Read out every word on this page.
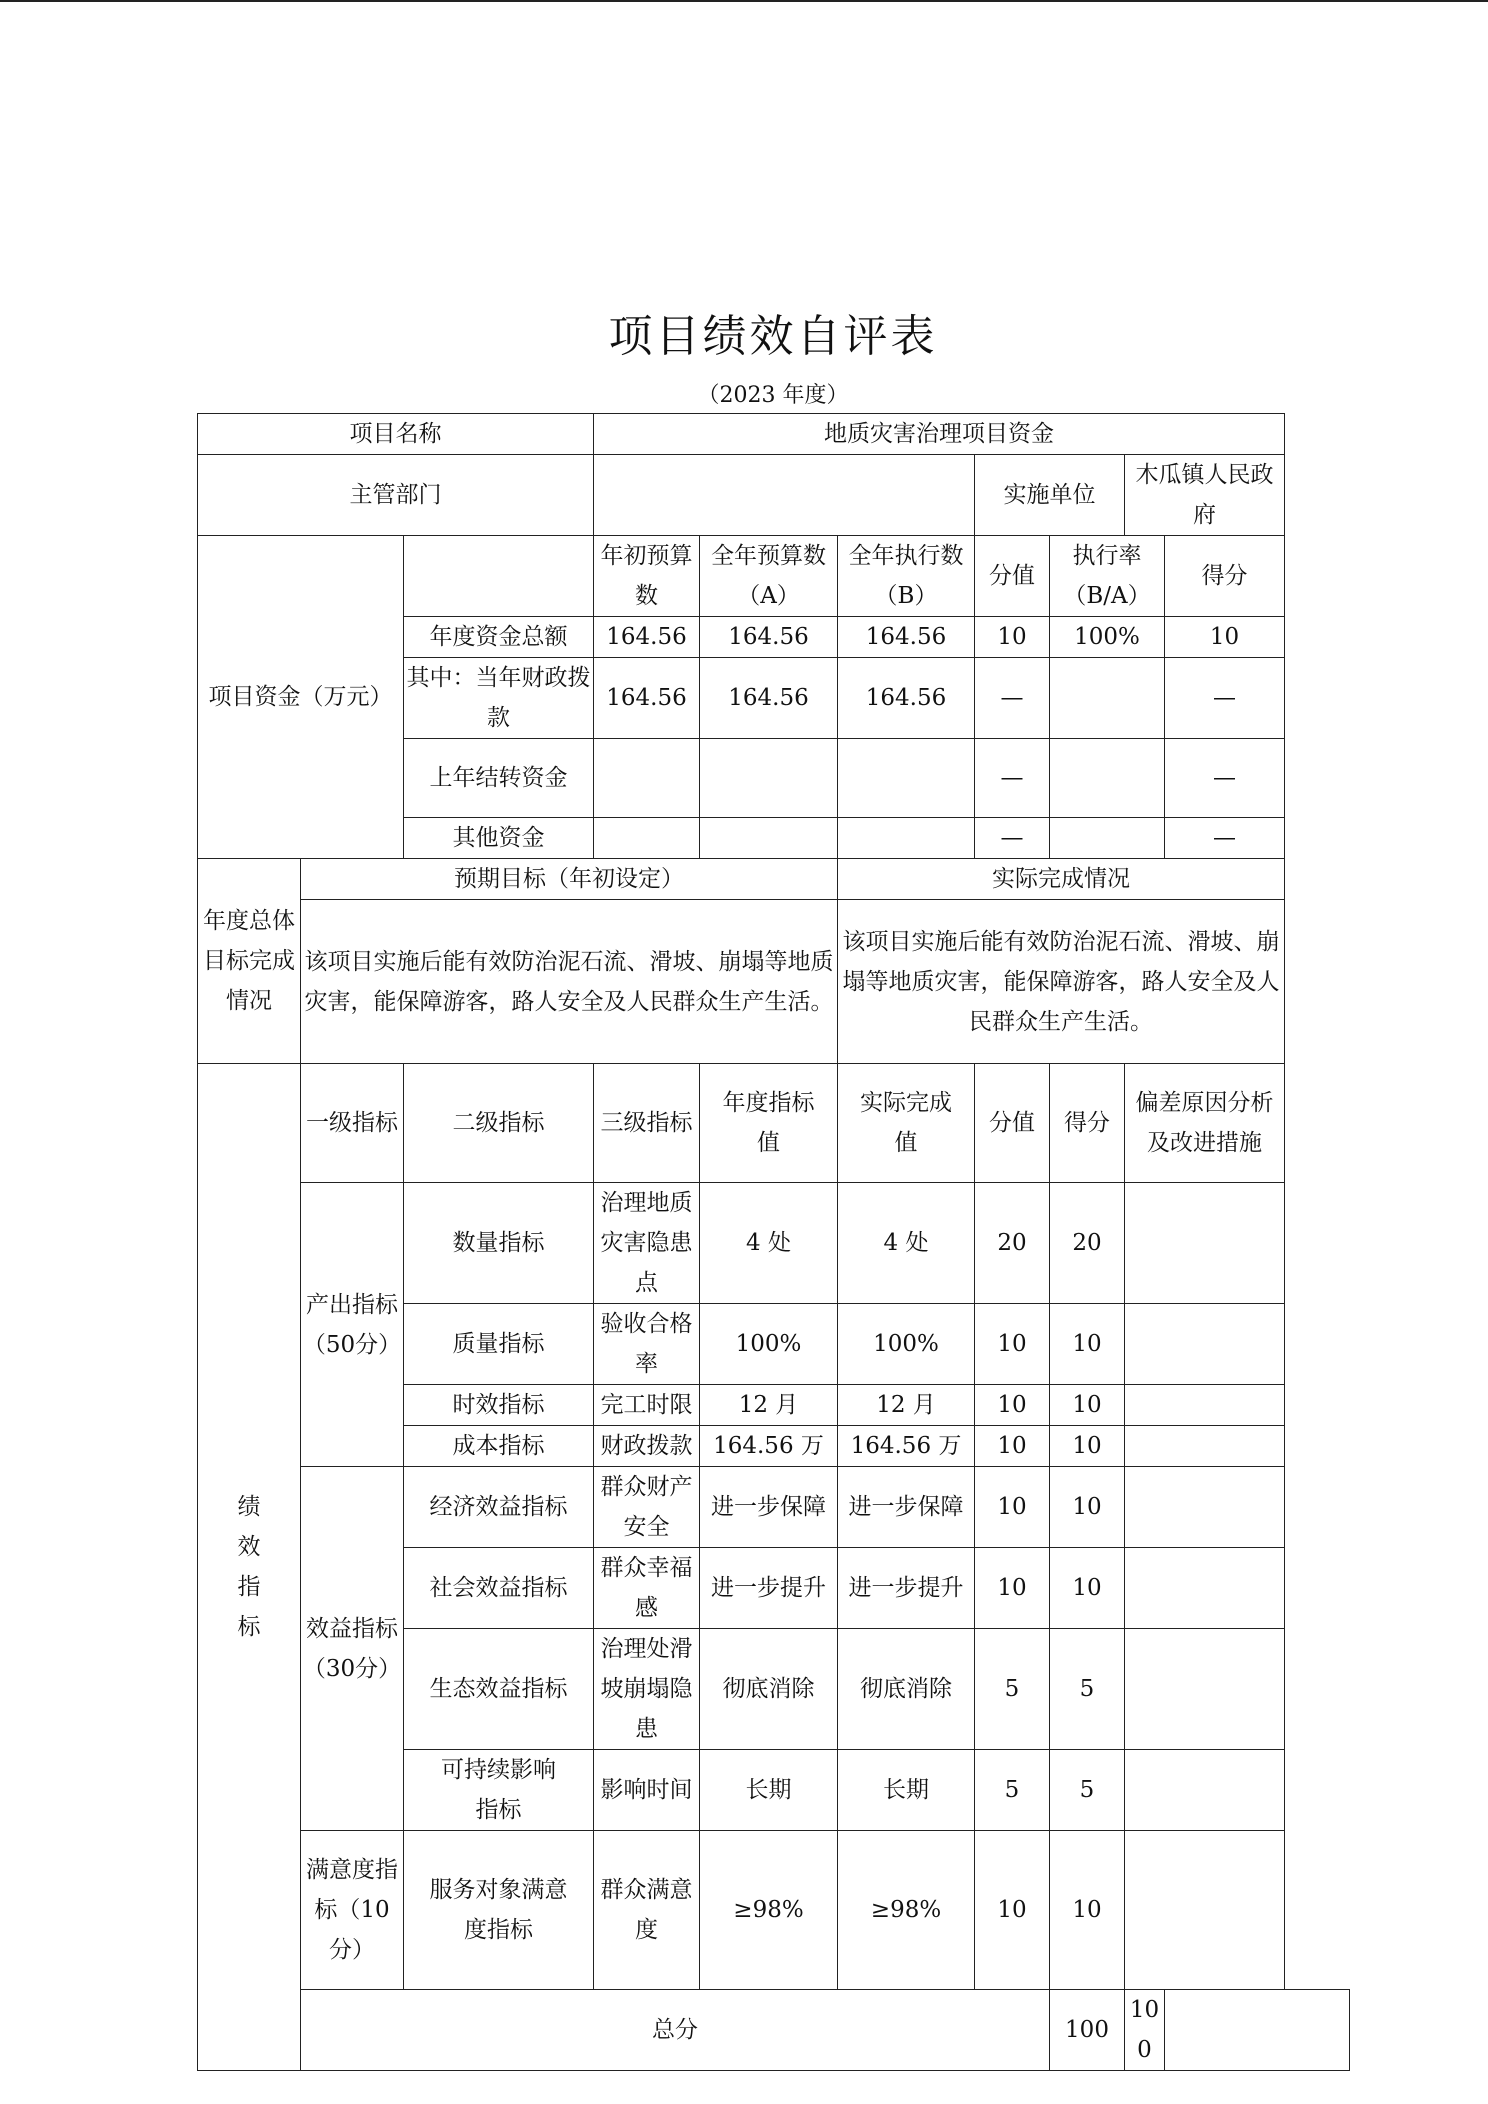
项目绩效自评表
（2023 年度）
项目名称			地质灾害治理项目资金						
主管部门						实施单位		木瓜镇人民政府	
项目资金（万元）			年初预算数	全年预算数（A）	全年执行数（B）	分值	执行率（B/A）		得分
		年度资金总额	164.56	164.56	164.56	10	100%		10
		其中：当年财政拨款	164.56	164.56	164.56	—			—
		上年结转资金				—			—
		其他资金				—			—
年度总体目标完成情况	预期目标（年初设定）				实际完成情况				
	该项目实施后能有效防治泥石流、滑坡、崩塌等地质灾害，能保障游客，路人安全及人民群众生产生活。				该项目实施后能有效防治泥石流、滑坡、崩塌等地质灾害，能保障游客，路人安全及人民群众生产生活。				
绩效指标	一级指标	二级指标	三级指标	年度指标值	实际完成值	分值	得分	偏差原因分析及改进措施	
	产出指标（50分）	数量指标	治理地质灾害隐患点	4 处	4 处	20	20		
		质量指标	验收合格率	100%	100%	10	10		
		时效指标	完工时限	12 月	12 月	10	10		
		成本指标	财政拨款	164.56 万	164.56 万	10	10		
	效益指标（30分）	经济效益指标	群众财产安全	进一步保障	进一步保障	10	10		
		社会效益指标	群众幸福感	进一步提升	进一步提升	10	10		
		生态效益指标	治理处滑坡崩塌隐患	彻底消除	彻底消除	5	5		
		可持续影响指标	影响时间	长期	长期	5	5		
	满意度指标（10分）	服务对象满意度指标	群众满意度	≥98%	≥98%	10	10		
	总分						100	100	
